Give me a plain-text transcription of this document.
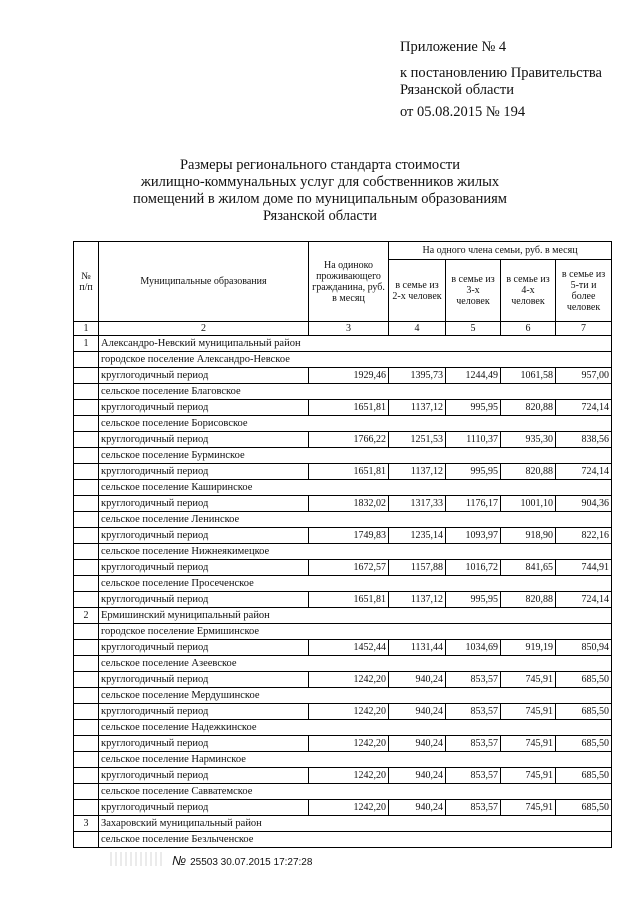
Приложение № 4
к постановлению Правительства
Рязанской области
от 05.08.2015 № 194
Размеры регионального стандарта стоимости
жилищно-коммунальных услуг для собственников жилых
помещений в жилом доме по муниципальным образованиям
Рязанской области
№ п/п	Муниципальные образования	На одиноко проживающего гражданина, руб. в месяц	На одного члена семьи, руб. в месяц			
			в семье из 2-х человек	в семье из 3-х человек	в семье из 4-х человек	в семье из 5-ти и более человек
1	2	3	4	5	6	7
1	Александро-Невский муниципальный район					
	городское поселение Александро-Невское					
	круглогодичный период	1929,46	1395,73	1244,49	1061,58	957,00
	сельское поселение Благовское					
	круглогодичный период	1651,81	1137,12	995,95	820,88	724,14
	сельское поселение Борисовское					
	круглогодичный период	1766,22	1251,53	1110,37	935,30	838,56
	сельское поселение Бурминское					
	круглогодичный период	1651,81	1137,12	995,95	820,88	724,14
	сельское поселение Каширинское					
	круглогодичный период	1832,02	1317,33	1176,17	1001,10	904,36
	сельское поселение Ленинское					
	круглогодичный период	1749,83	1235,14	1093,97	918,90	822,16
	сельское поселение Нижнеякимецкое					
	круглогодичный период	1672,57	1157,88	1016,72	841,65	744,91
	сельское поселение Просеченское					
	круглогодичный период	1651,81	1137,12	995,95	820,88	724,14
2	Ермишинский муниципальный район					
	городское поселение Ермишинское					
	круглогодичный период	1452,44	1131,44	1034,69	919,19	850,94
	сельское поселение Азеевское					
	круглогодичный период	1242,20	940,24	853,57	745,91	685,50
	сельское поселение Мердушинское					
	круглогодичный период	1242,20	940,24	853,57	745,91	685,50
	сельское поселение Надежкинское					
	круглогодичный период	1242,20	940,24	853,57	745,91	685,50
	сельское поселение Нарминское					
	круглогодичный период	1242,20	940,24	853,57	745,91	685,50
	сельское поселение Савватемское					
	круглогодичный период	1242,20	940,24	853,57	745,91	685,50
3	Захаровский муниципальный район					
	сельское поселение Безлыченское					
№ 25503 30.07.2015 17:27:28
